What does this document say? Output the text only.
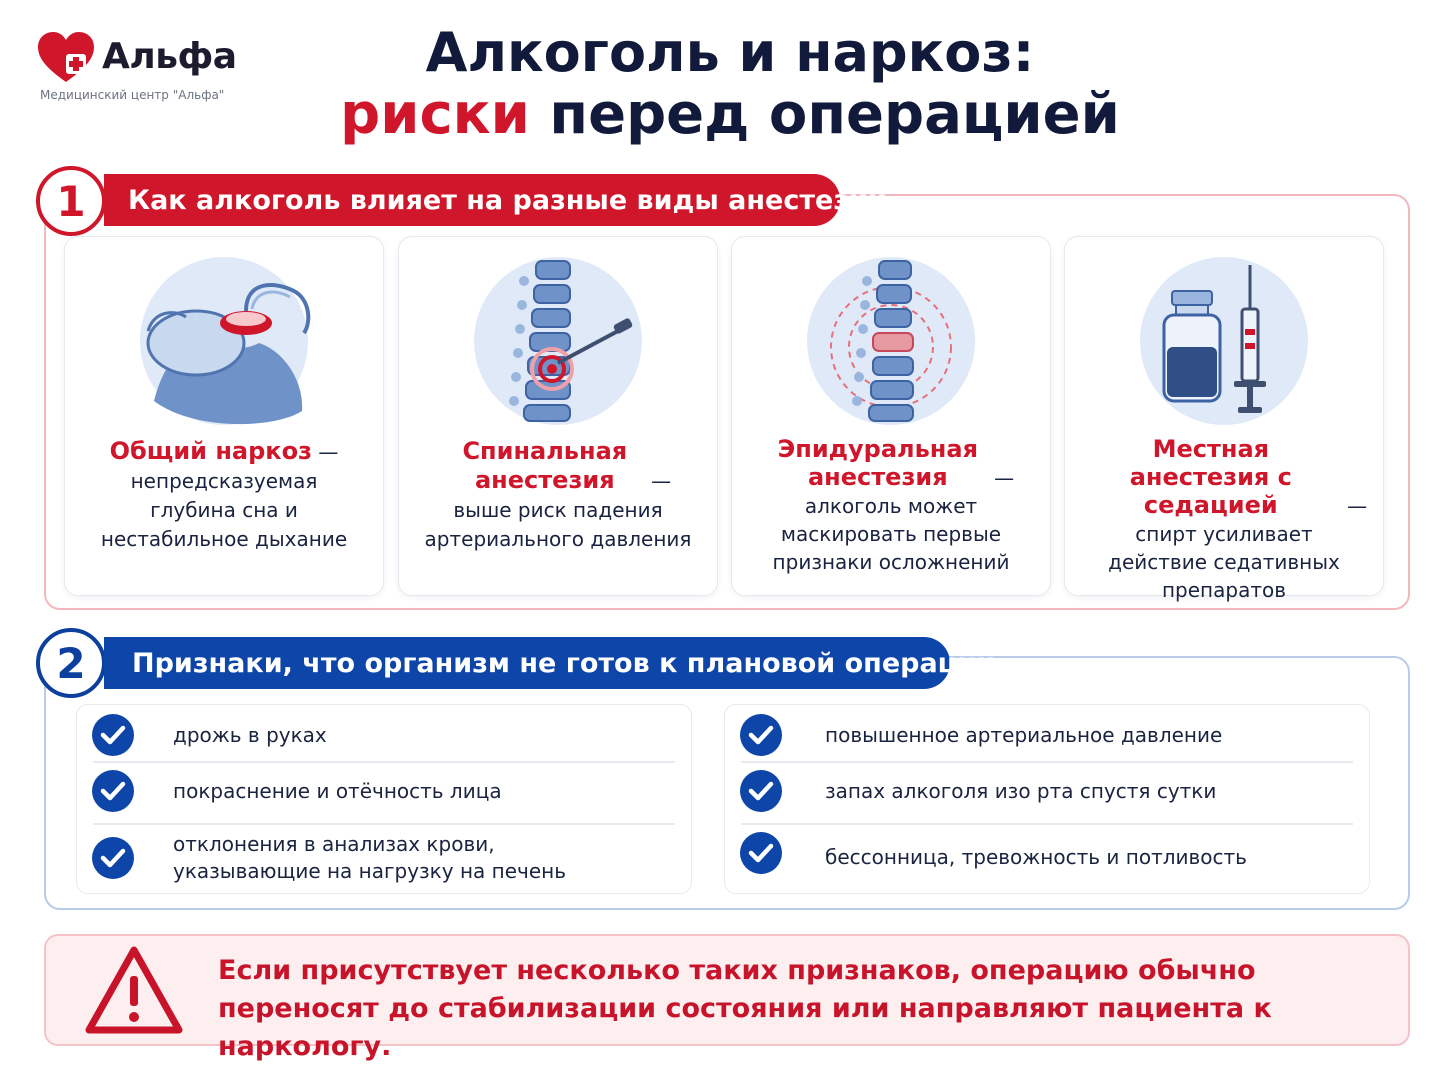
Альфа
Медицинский центр "Альфа"
Алкоголь и наркоз:
риски перед операцией
1	Как алкоголь влияет на разные виды анестезии
Общий наркоз —
непредсказуемая глубина сна и нестабильное дыхание
Спинальная анестезия —
выше риск падения артериального давления
Эпидуральная анестезия —
алкоголь может маскировать первые признаки осложнений
Местная анестезия с седацией	—
спирт усиливает действие седативных препаратов
2	Признаки, что организм не готов к плановой операции
дрожь в руках
покраснение и отёчность лица
отклонения в анализах крови, указывающие на нагрузку на печень
повышенное артериальное давление
запах алкоголя изо рта спустя сутки
бессонница, тревожность и потливость
Если присутствует несколько таких признаков, операцию обычно переносят до стабилизации состояния или направляют пациента к наркологу.
